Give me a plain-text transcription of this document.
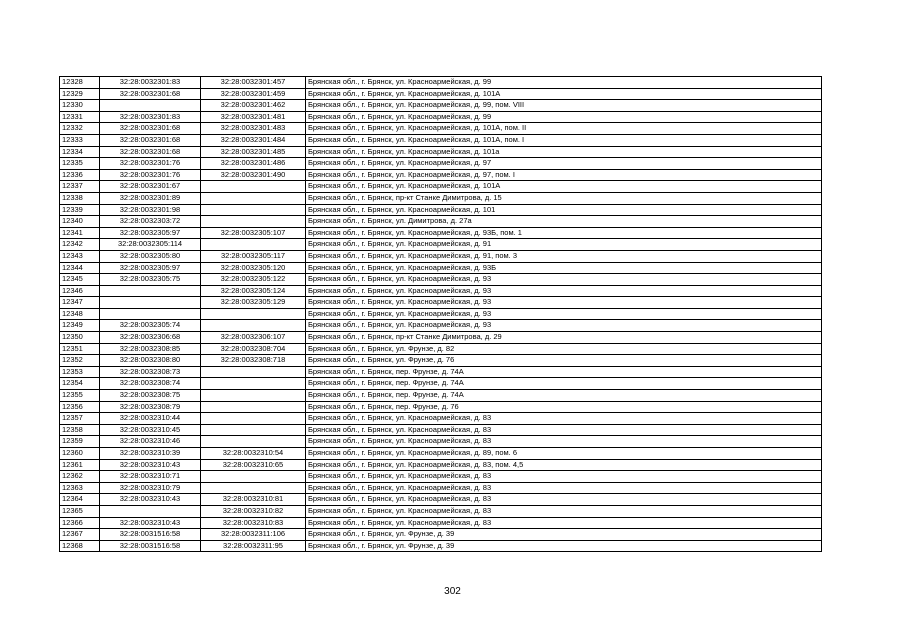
12328	32:28:0032301:83	32:28:0032301:457	Брянская обл., г. Брянск, ул. Красноармейская, д. 99
12329	32:28:0032301:68	32:28:0032301:459	Брянская обл., г. Брянск, ул. Красноармейская, д. 101А
12330		32:28:0032301:462	Брянская обл., г. Брянск, ул. Красноармейская, д. 99, пом. VIII
12331	32:28:0032301:83	32:28:0032301:481	Брянская обл., г. Брянск, ул. Красноармейская, д. 99
12332	32:28:0032301:68	32:28:0032301:483	Брянская обл., г. Брянск, ул. Красноармейская, д. 101А, пом. II
12333	32:28:0032301:68	32:28:0032301:484	Брянская обл., г. Брянск, ул. Красноармейская, д. 101А, пом. I
12334	32:28:0032301:68	32:28:0032301:485	Брянская обл., г. Брянск, ул. Красноармейская, д. 101а
12335	32:28:0032301:76	32:28:0032301:486	Брянская обл., г. Брянск, ул. Красноармейская, д. 97
12336	32:28:0032301:76	32:28:0032301:490	Брянская обл., г. Брянск, ул. Красноармейская, д. 97, пом. I
12337	32:28:0032301:67		Брянская обл., г. Брянск, ул. Красноармейская, д. 101А
12338	32:28:0032301:89		Брянская обл., г. Брянск, пр-кт Станке Димитрова, д. 15
12339	32:28:0032301:98		Брянская обл., г. Брянск, ул. Красноармейская, д. 101
12340	32:28:0032303:72		Брянская обл., г. Брянск, ул. Димитрова, д. 27а
12341	32:28:0032305:97	32:28:0032305:107	Брянская обл., г. Брянск, ул. Красноармейская, д. 93Б, пом. 1
12342	32:28:0032305:114		Брянская обл., г. Брянск, ул. Красноармейская, д. 91
12343	32:28:0032305:80	32:28:0032305:117	Брянская обл., г. Брянск, ул. Красноармейская, д. 91, пом. 3
12344	32:28:0032305:97	32:28:0032305:120	Брянская обл., г. Брянск, ул. Красноармейская, д. 93Б
12345	32:28:0032305:75	32:28:0032305:122	Брянская обл., г. Брянск, ул. Красноармейская, д. 93
12346		32:28:0032305:124	Брянская обл., г. Брянск, ул. Красноармейская, д. 93
12347		32:28:0032305:129	Брянская обл., г. Брянск, ул. Красноармейская, д. 93
12348			Брянская обл., г. Брянск, ул. Красноармейская, д. 93
12349	32:28:0032305:74		Брянская обл., г. Брянск, ул. Красноармейская, д. 93
12350	32:28:0032306:68	32:28:0032306:107	Брянская обл., г. Брянск, пр-кт Станке Димитрова, д. 29
12351	32:28:0032308:85	32:28:0032308:704	Брянская обл., г. Брянск, ул. Фрунзе, д. 82
12352	32:28:0032308:80	32:28:0032308:718	Брянская обл., г. Брянск, ул. Фрунзе, д. 76
12353	32:28:0032308:73		Брянская обл., г. Брянск, пер. Фрунзе, д. 74А
12354	32:28:0032308:74		Брянская обл., г. Брянск, пер. Фрунзе, д. 74А
12355	32:28:0032308:75		Брянская обл., г. Брянск, пер. Фрунзе, д. 74А
12356	32:28:0032308:79		Брянская обл., г. Брянск, пер. Фрунзе, д. 76
12357	32:28:0032310:44		Брянская обл., г. Брянск, ул. Красноармейская, д. 83
12358	32:28:0032310:45		Брянская обл., г. Брянск, ул. Красноармейская, д. 83
12359	32:28:0032310:46		Брянская обл., г. Брянск, ул. Красноармейская, д. 83
12360	32:28:0032310:39	32:28:0032310:54	Брянская обл., г. Брянск, ул. Красноармейская, д. 89, пом. 6
12361	32:28:0032310:43	32:28:0032310:65	Брянская обл., г. Брянск, ул. Красноармейская, д. 83, пом. 4,5
12362	32:28:0032310:71		Брянская обл., г. Брянск, ул. Красноармейская, д. 83
12363	32:28:0032310:79		Брянская обл., г. Брянск, ул. Красноармейская, д. 83
12364	32:28:0032310:43	32:28:0032310:81	Брянская обл., г. Брянск, ул. Красноармейская, д. 83
12365		32:28:0032310:82	Брянская обл., г. Брянск, ул. Красноармейская, д. 83
12366	32:28:0032310:43	32:28:0032310:83	Брянская обл., г. Брянск, ул. Красноармейская, д. 83
12367	32:28:0031516:58	32:28:0032311:106	Брянская обл., г. Брянск, ул. Фрунзе, д. 39
12368	32:28:0031516:58	32:28:0032311:95	Брянская обл., г. Брянск, ул. Фрунзе, д. 39
302
